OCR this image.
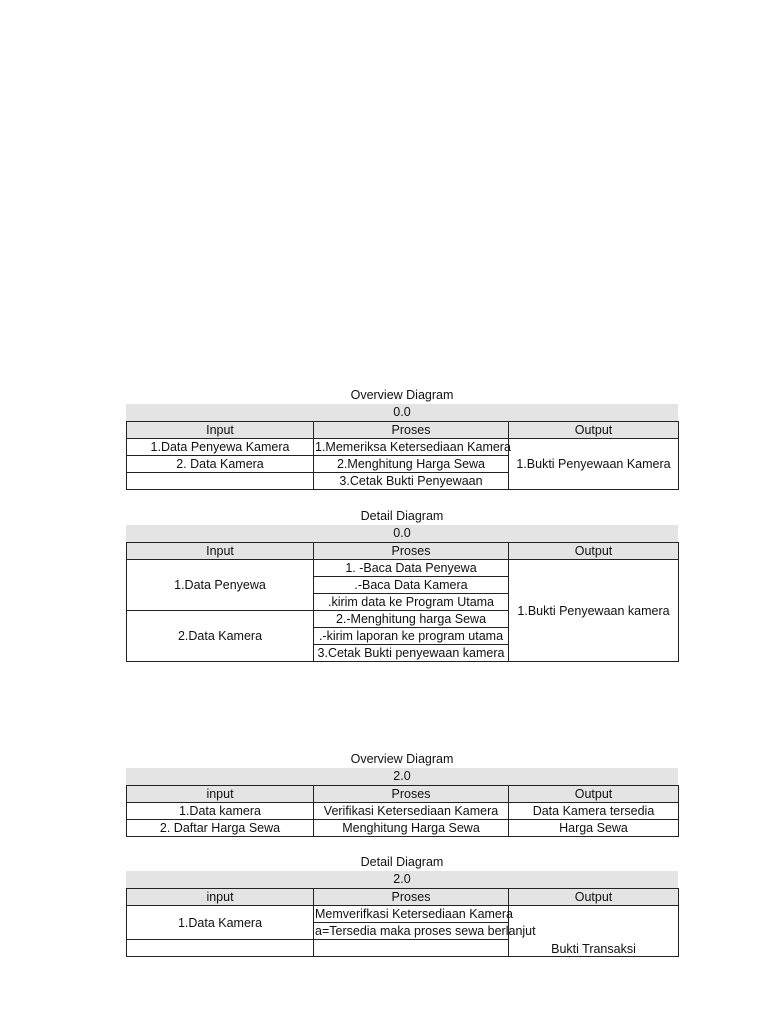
Overview Diagram
0.0
Input	Proses	Output
1.Data Penyewa Kamera	1.Memeriksa Ketersediaan Kamera	1.Bukti Penyewaan Kamera
2. Data Kamera	2.Menghitung Harga Sewa	
	3.Cetak Bukti Penyewaan	
Detail Diagram
0.0
Input	Proses	Output
1.Data Penyewa	1. -Baca Data Penyewa	1.Bukti Penyewaan kamera
	.-Baca Data Kamera	
	.kirim data ke Program Utama	
2.Data Kamera	2.-Menghitung harga Sewa	
	.-kirim laporan ke program utama	
	3.Cetak Bukti penyewaan kamera	
Overview Diagram
2.0
input	Proses	Output
1.Data kamera	Verifikasi Ketersediaan Kamera	Data Kamera tersedia
2. Daftar Harga Sewa	Menghitung Harga Sewa	Harga Sewa
Detail Diagram
2.0
input	Proses	Output
1.Data Kamera	Memverifkasi Ketersediaan Kamera	Bukti Transaksi
	a=Tersedia maka proses sewa berlanjut	
